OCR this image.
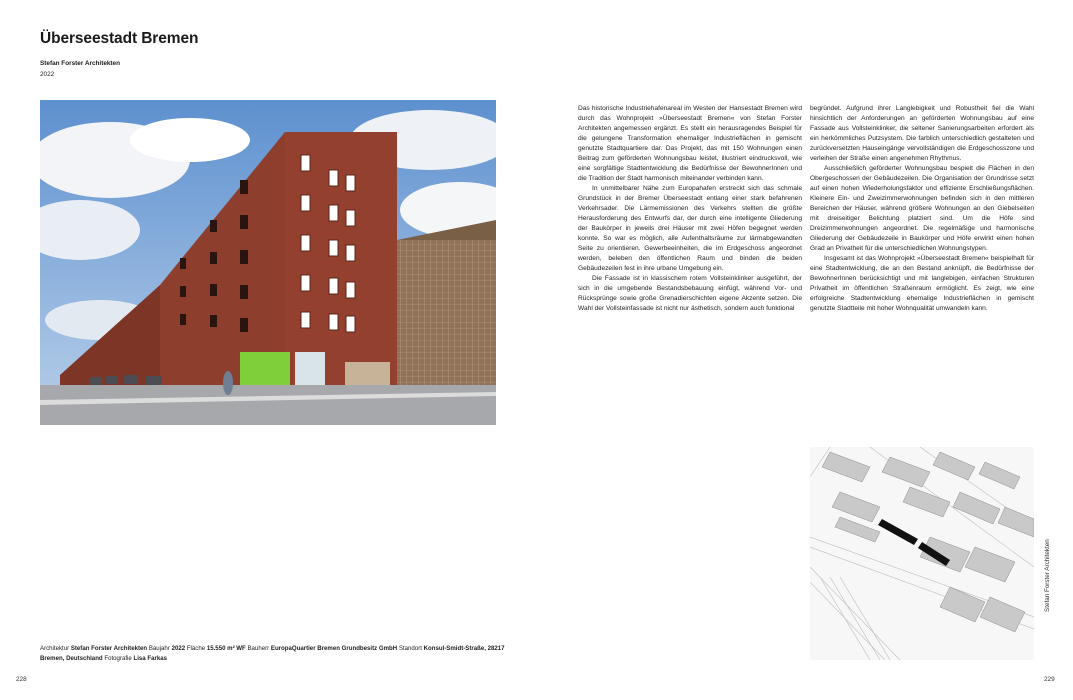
Überseestadt Bremen
Stefan Forster Architekten
2022

Das historische Industriehafenareal im Westen der Hansestadt Bremen wird durch das Wohnprojekt »Überseestadt Bremen« von Stefan Forster Architekten angemessen ergänzt. Es stellt ein herausragendes Beispiel für die gelungene Transformation ehemaliger Industrieflächen in gemischt genutzte Stadtquartiere dar. Das Projekt, das mit 150 Wohnungen einen Beitrag zum geförderten Wohnungsbau leistet, illustriert eindrucksvoll, wie eine sorgfältige Stadtentwicklung die Bedürfnisse der BewohnerInnen und die Tradition der Stadt harmonisch miteinander verbinden kann.

In unmittelbarer Nähe zum Europahafen erstreckt sich das schmale Grundstück in der Bremer Überseestadt entlang einer stark befahrenen Verkehrsader. Die Lärmemissionen des Verkehrs stellten die größte Herausforderung des Entwurfs dar, der durch eine intelligente Gliederung der Baukörper in jeweils drei Häuser mit zwei Höfen begegnet werden konnte. So war es möglich, alle Aufenthaltsräume zur lärmabgewandten Seite zu orientieren. Gewerbeeinheiten, die im Erdgeschoss angeordnet werden, beleben den öffentlichen Raum und binden die beiden Gebäudezeilen fest in ihre urbane Umgebung ein.

Die Fassade ist in klassischem rotem Vollsteinklinker ausgeführt, der sich in die umgebende Bestandsbebauung einfügt, während Vor- und Rücksprünge sowie große Grenadierschichten eigene Akzente setzen. Die Wahl der Vollsteinfassade ist nicht nur ästhetisch, sondern auch funktional

begründet. Aufgrund ihrer Langlebigkeit und Robustheit fiel die Wahl hinsichtlich der Anforderungen an geförderten Wohnungsbau auf eine Fassade aus Vollsteinklinker, die seltener Sanierungsarbeiten erfordert als ein herkömmliches Putzsystem. Die farblich unterschiedlich gestalteten und zurückversetzten Hauseingänge vervollständigen die Erdgeschosszone und verleihen der Straße einen angenehmen Rhythmus.

Ausschließlich geförderter Wohnungsbau bespielt die Flächen in den Obergeschossen der Gebäudezeilen. Die Organisation der Grundrisse setzt auf einen hohen Wiederholungsfaktor und effiziente Erschließungsflächen. Kleinere Ein- und Zweizimmerwohnungen befinden sich in den mittleren Bereichen der Häuser, während größere Wohnungen an den Giebelseiten mit dreiseitiger Belichtung platziert sind. Um die Höfe sind Dreizimmerwohnungen angeordnet. Die regelmäßige und harmonische Gliederung der Gebäudezeile in Baukörper und Höfe erwirkt einen hohen Grad an Privatheit für die unterschiedlichen Wohnungstypen.

Insgesamt ist das Wohnprojekt »Überseestadt Bremen« beispielhaft für eine Stadtentwicklung, die an den Bestand anknüpft, die Bedürfnisse der BewohnerInnen berücksichtigt und mit langlebigen, einfachen Strukturen Privatheit im öffentlichen Straßenraum ermöglicht. Es zeigt, wie eine erfolgreiche Stadtentwicklung ehemalige Industrieflächen in gemischt genutzte Stadtteile mit hoher Wohnqualität umwandeln kann.

Stefan Forster Architekten
Architektur Stefan Forster Architekten Baujahr 2022 Fläche 15.550 m² WF Bauherr EuropaQuartier Bremen Grundbesitz GmbH Standort Konsul-Smidt-Straße, 28217 Bremen, Deutschland Fotografie Lisa Farkas
228	229
